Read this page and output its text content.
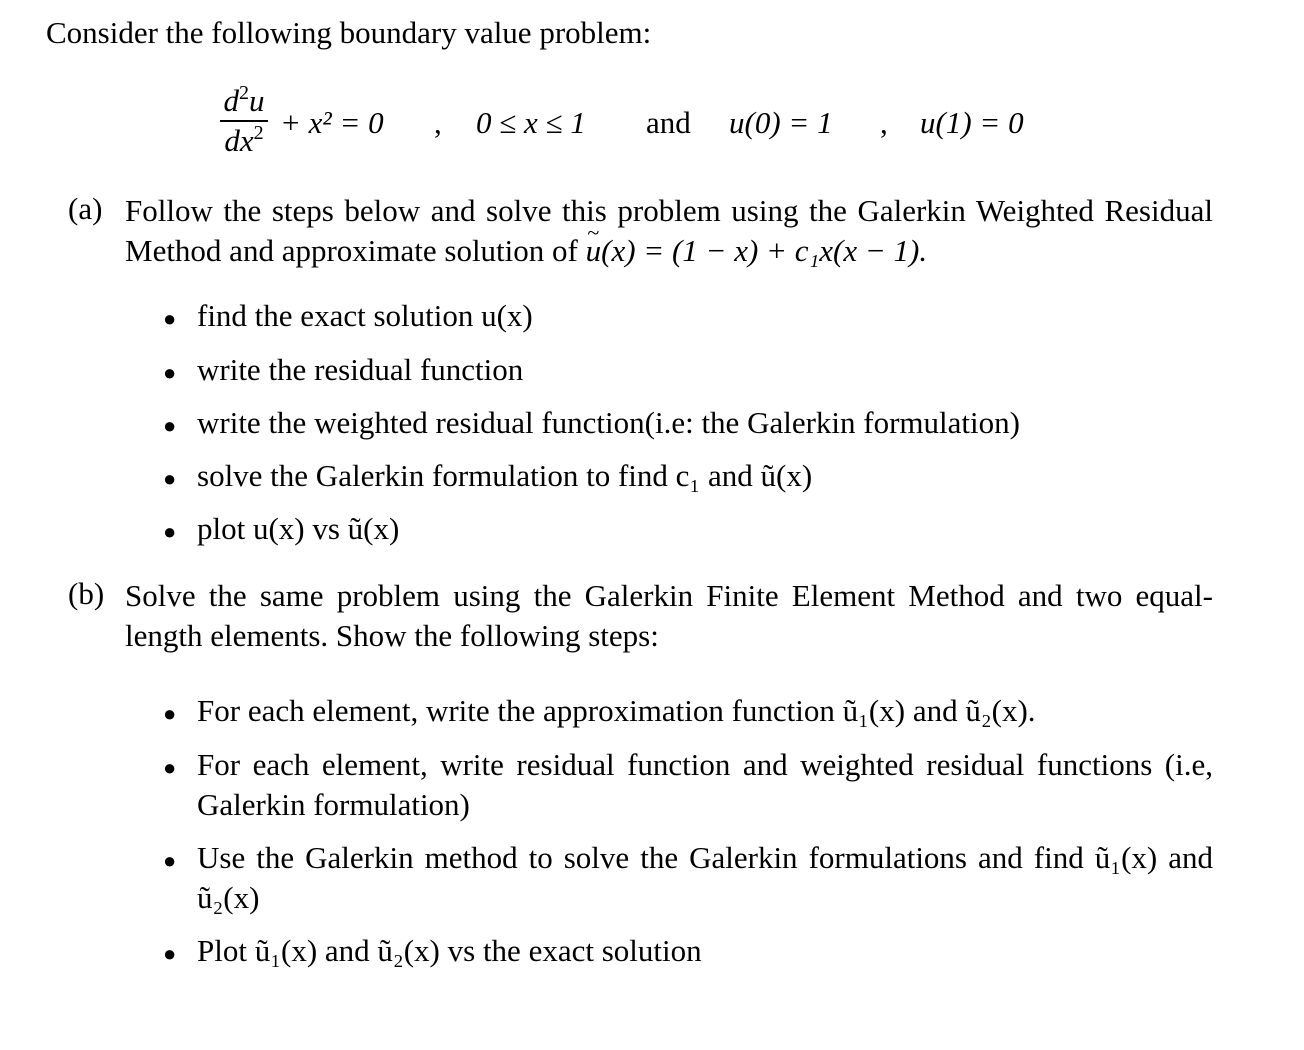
Consider the following boundary value problem:
$d^2u$
$dx^2 + x^2 = 0$ , 0 ≤ x ≤ 1 and u(0) = 1 , u(1) = 0
(a) Follow the steps below and solve this problem using the Galerkin Weighted Residual Method and approximate solution of ~ u(x) = (1 − x) + c₁x(x − 1).
● find the exact solution u(x)
● write the residual function
● write the weighted residual function(i.e: the Galerkin formulation)
● solve the Galerkin formulation to find c₁ and ũ(x)
● plot u(x) vs ũ(x)
(b) Solve the same problem using the Galerkin Finite Element Method and two equal-length elements. Show the following steps:
● For each element, write the approximation function ũ₁(x) and ũ₂(x).
● For each element, write residual function and weighted residual functions (i.e, Galerkin formulation)
● Use the Galerkin method to solve the Galerkin formulations and find ũ₁(x) and ũ₂(x)
● Plot ũ₁(x) and ũ₂(x) vs the exact solution
